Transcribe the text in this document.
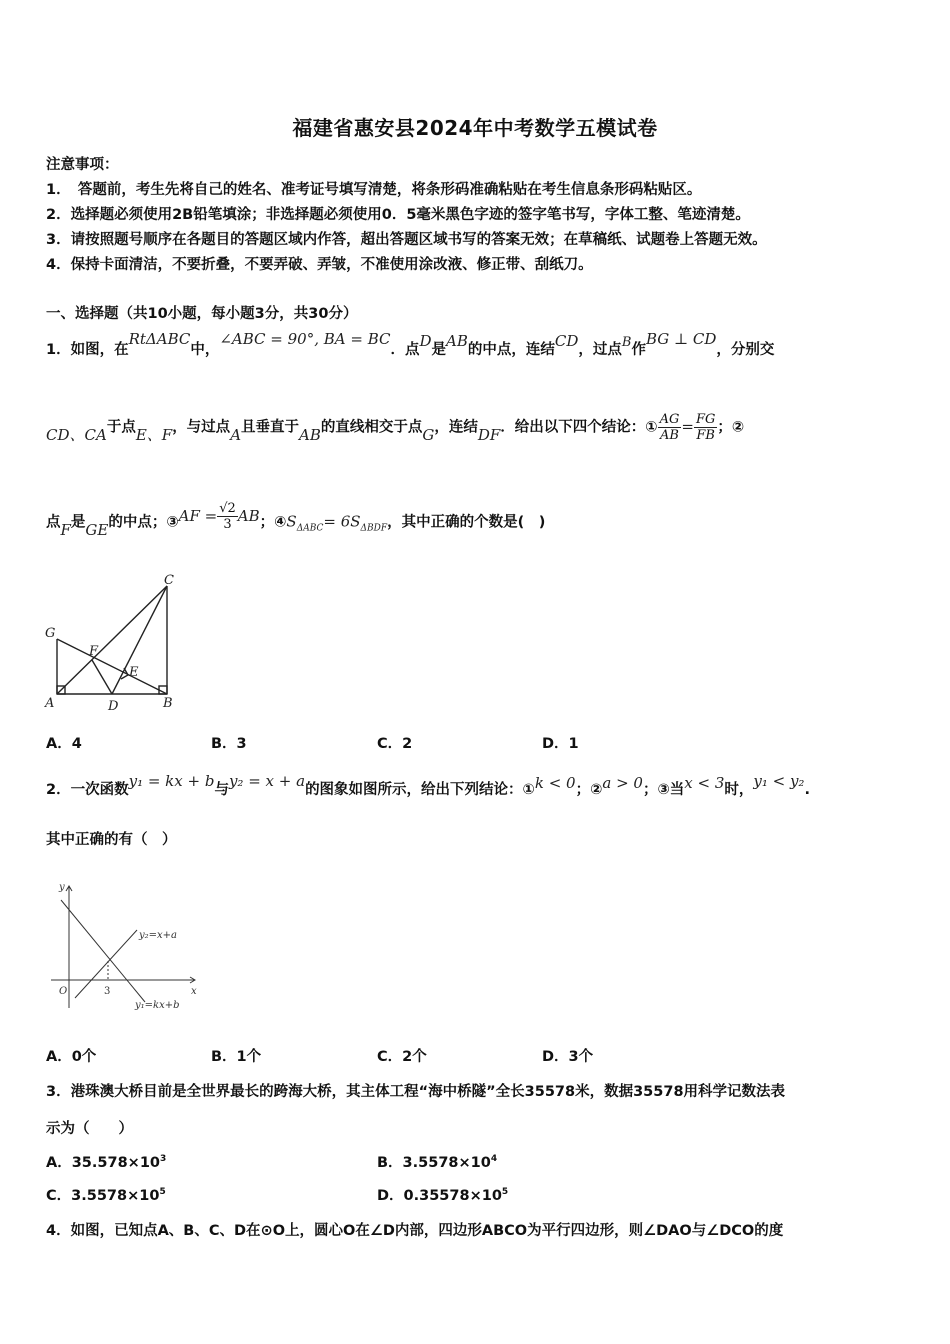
福建省惠安县2024年中考数学五模试卷
注意事项：
1．　答题前，考生先将自己的姓名、准考证号填写清楚，将条形码准确粘贴在考生信息条形码粘贴区。
2．选择题必须使用2B铅笔填涂；非选择题必须使用0．5毫米黑色字迹的签字笔书写，字体工整、笔迹清楚。
3．请按照题号顺序在各题目的答题区域内作答，超出答题区域书写的答案无效；在草稿纸、试题卷上答题无效。
4．保持卡面清洁，不要折叠，不要弄破、弄皱，不准使用涂改液、修正带、刮纸刀。
一、选择题（共10小题，每小题3分，共30分）
1．如图，在RtΔABC中，∠ABC = 90°, BA = BC．点D是AB的中点，连结CD，过点B作BG ⊥ CD，分别交
CD、CA于点E、F，与过点A且垂直于AB的直线相交于点G，连结DF．给出以下四个结论：① $\frac{AG}{AB} = \frac{FG}{FB}$ ；②
点F是GE的中点；③AF = $\frac{√2}{3}$ AB；$④S_{\Delta ABC}= 6S_{\Delta BDF}$，其中正确的个数是(　)
C
G
F
E
A	D	B
A．4	B．3	C．2	D．1
2．一次函数y₁ = kx + b与y₂ = x + a的图象如图所示，给出下列结论：①k < 0；②a > 0；③当x < 3时，y₁ < y₂.
其中正确的有（　）
y
x
O	3
y₂=x+a
y₁=kx+b
A．0个	B．1个	C．2个	D．3个
3．港珠澳大桥目前是全世界最长的跨海大桥，其主体工程“海中桥隧”全长35578米，数据35578用科学记数法表
示为（　　）
A．$35.578\times 10^3$	B．$3.5578\times 10^4$
C．$3.5578\times 10^5$	D．$0.35578\times 10^5$
4．如图，已知点A、B、C、D在⊙O上，圆心O在∠D内部，四边形ABCO为平行四边形，则∠DAO与∠DCO的度
